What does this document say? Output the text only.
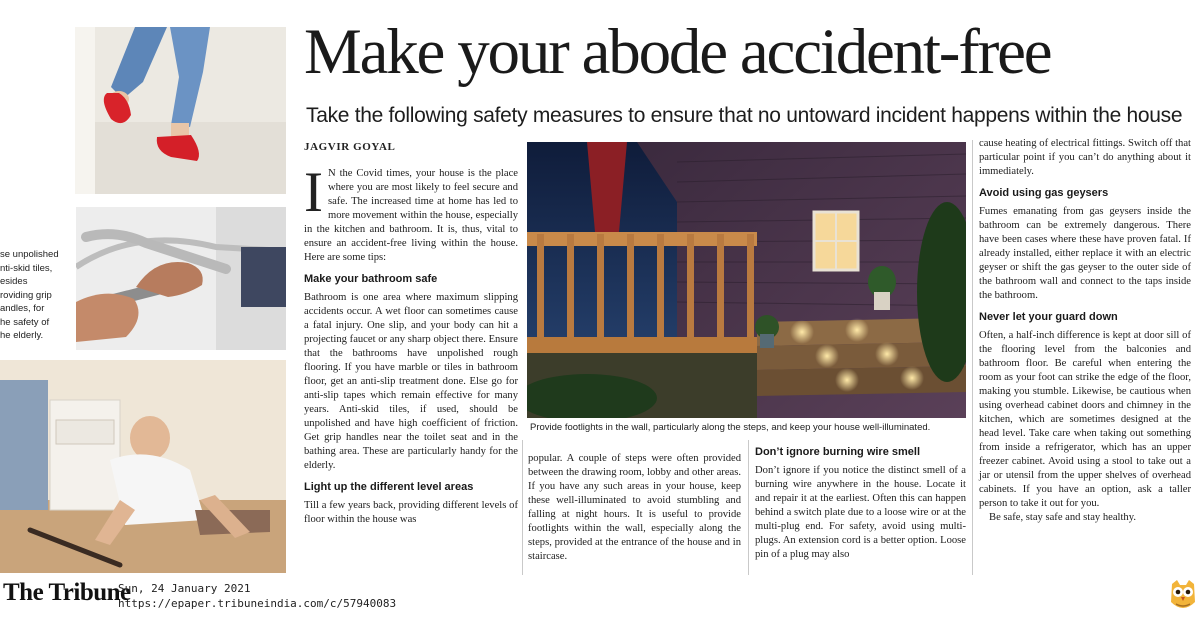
se unpolished
nti-skid tiles,
esides
roviding grip
andles, for
he safety of
he elderly.
Make your abode accident-free
Take the following safety measures to ensure that no untoward incident happens within the house
JAGVIR GOYAL

I N the Covid times, your house is the place where you are most likely to feel secure and safe. The increased time at home has led to more movement within the house, especially in the kitchen and bathroom. It is, thus, vital to ensure an accident-free living within the house. Here are some tips:

Make your bathroom safe

Bathroom is one area where maximum slipping accidents occur. A wet floor can sometimes cause a fatal injury. One slip, and your body can hit a projecting faucet or any sharp object there. Ensure that the bathrooms have unpolished rough flooring. If you have marble or tiles in bathroom floor, get an anti-slip treatment done. Else go for anti-slip tapes which remain effective for many years. Anti-skid tiles, if used, should be unpolished and have high coefficient of friction. Get grip handles near the toilet seat and in the bathing area. These are particularly handy for the elderly.

Light up the different level areas

Till a few years back, providing different levels of floor within the house was

Provide footlights in the wall, particularly along the steps, and keep your house well-illuminated.

popular. A couple of steps were often provided between the drawing room, lobby and other areas. If you have any such areas in your house, keep these well-illuminated to avoid stumbling and falling at night hours. It is useful to provide footlights within the wall, especially along the steps, provided at the entrance of the house and in staircase.

Don’t ignore burning wire smell

Don’t ignore if you notice the distinct smell of a burning wire anywhere in the house. Locate it and repair it at the earliest. Often this can happen behind a switch plate due to a loose wire or at the multi-plug end. For safety, avoid using multi-plugs. An extension cord is a better option. Loose pin of a plug may also

cause heating of electrical fittings. Switch off that particular point if you can’t do anything about it immediately.

Avoid using gas geysers

Fumes emanating from gas geysers inside the bathroom can be extremely dangerous. There have been cases where these have proven fatal. If already installed, either replace it with an electric geyser or shift the gas geyser to the outer side of the bathroom wall and connect to the taps inside the bathroom.

Never let your guard down

Often, a half-inch difference is kept at door sill of the flooring level from the balconies and bathroom floor. Be careful when entering the room as your foot can strike the edge of the floor, making you stumble. Likewise, be cautious when using overhead cabinet doors and chimney in the kitchen, which are sometimes designed at the head level. Take care when taking out something from inside a refrigerator, which has an upper freezer cabinet. Avoid using a stool to take out a jar or utensil from the upper shelves of overhead cabinets. If you have an option, ask a taller person to take it out for you.

Be safe, stay safe and stay healthy.

The Tribune
Sun, 24 January 2021
https://epaper.tribuneindia.com/c/57940083
